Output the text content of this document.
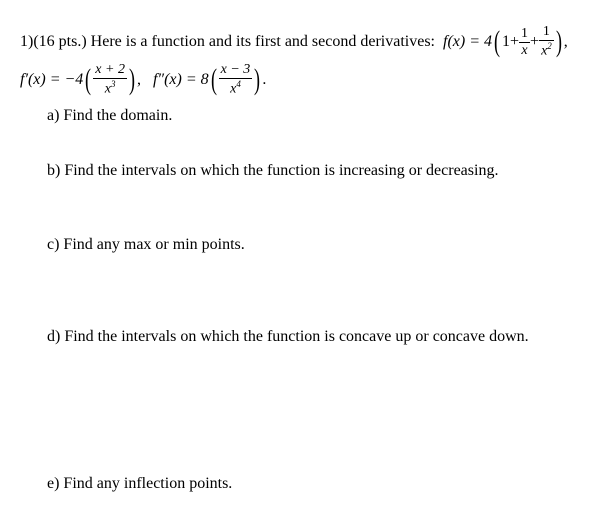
1)(16 pts.) Here is a function and its first and second derivatives: f(x) = 4 ( $1+ \frac{1}{x} + \frac{1}{x^2}$ ) ,
f′(x) = −4 ( $\frac{x + 2}{x^3}$ ) , f″(x) = 8 ( $\frac{x - 3}{x^4}$ ) .
a) Find the domain.
b) Find the intervals on which the function is increasing or decreasing.
c) Find any max or min points.
d) Find the intervals on which the function is concave up or concave down.
e) Find any inflection points.
